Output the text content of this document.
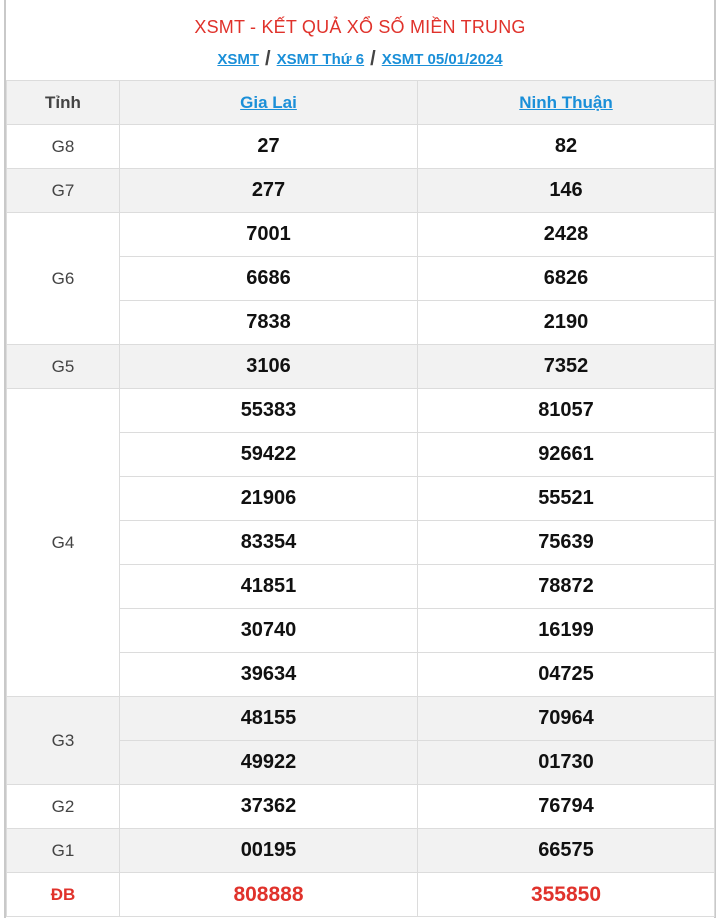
XSMT - KẾT QUẢ XỔ SỐ MIỀN TRUNG
XSMT / XSMT Thứ 6 / XSMT 05/01/2024
Tỉnh	Gia Lai	Ninh Thuận
G8	27	82
G7	277	146
G6	7001	2428
	6686	6826
	7838	2190
G5	3106	7352
G4	55383	81057
	59422	92661
	21906	55521
	83354	75639
	41851	78872
	30740	16199
	39634	04725
G3	48155	70964
	49922	01730
G2	37362	76794
G1	00195	66575
ĐB	808888	355850
